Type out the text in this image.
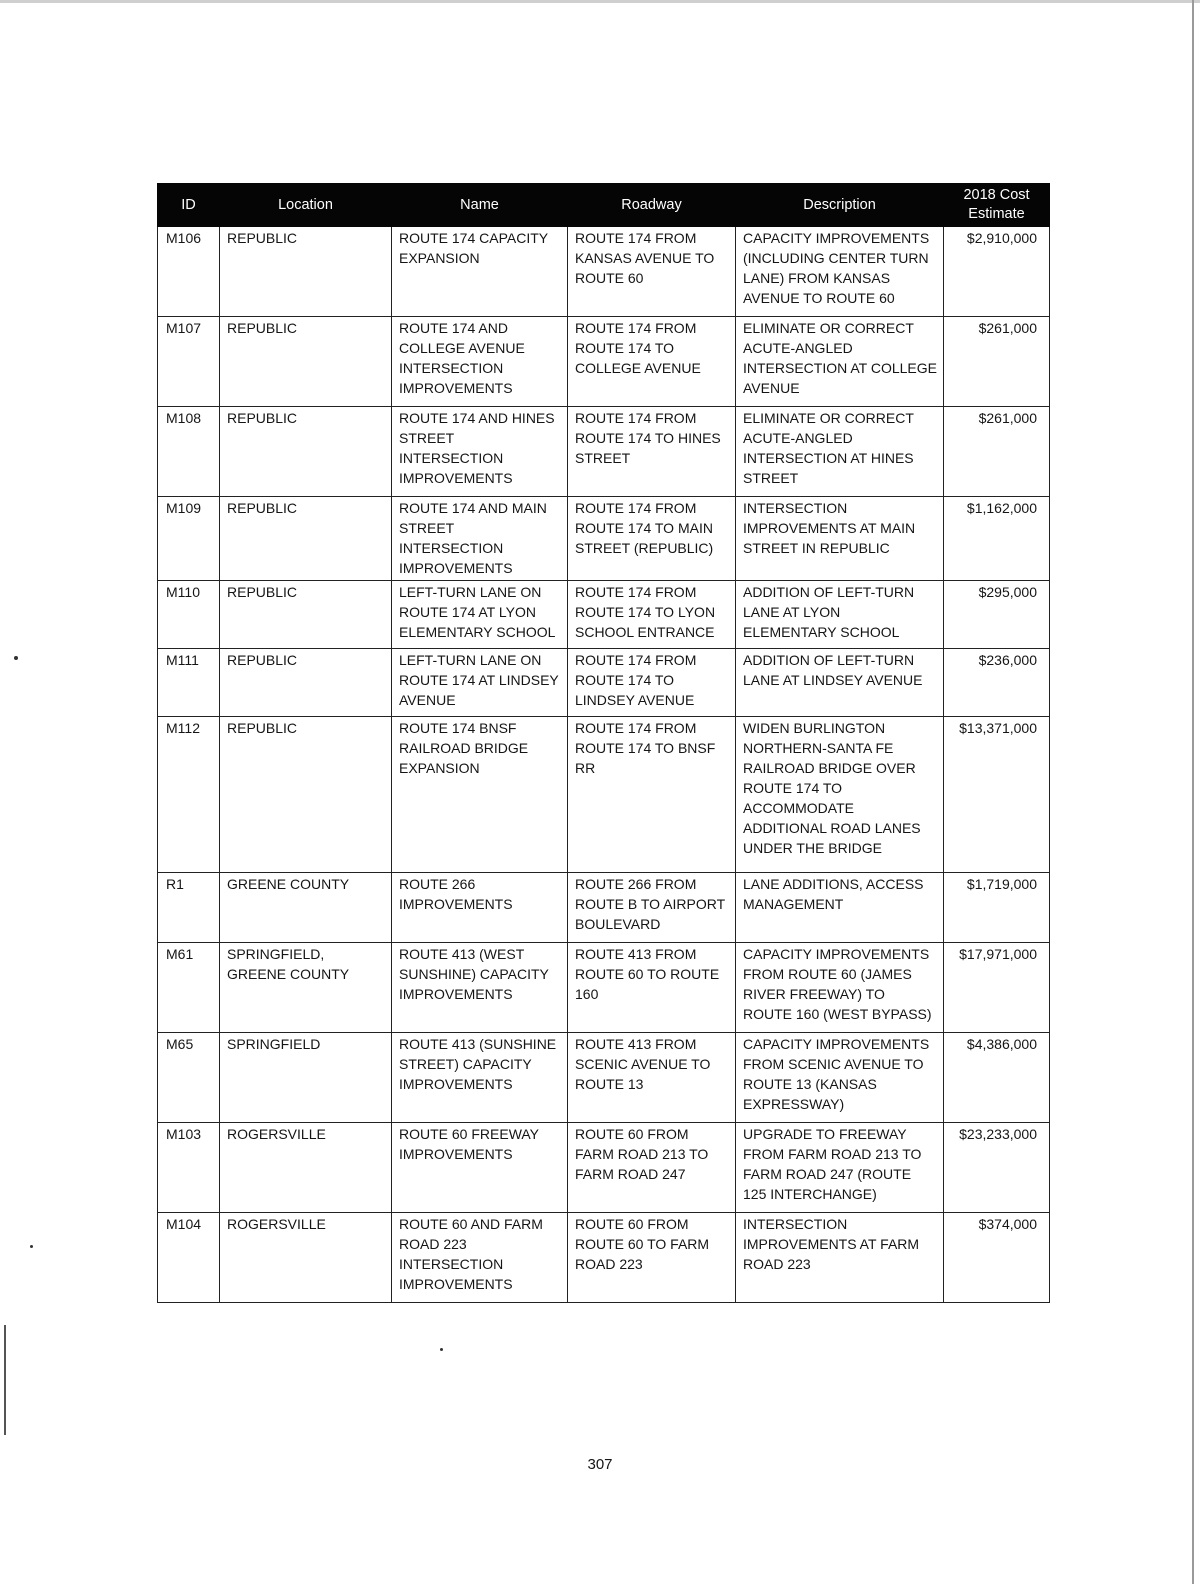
ID	Location	Name	Roadway	Description	2018 Cost
Estimate
M106	REPUBLIC	ROUTE 174 CAPACITY EXPANSION	ROUTE 174 FROM KANSAS AVENUE TO ROUTE 60	CAPACITY IMPROVEMENTS (INCLUDING CENTER TURN LANE) FROM KANSAS AVENUE TO ROUTE 60	$2,910,000
M107	REPUBLIC	ROUTE 174 AND COLLEGE AVENUE INTERSECTION IMPROVEMENTS	ROUTE 174 FROM ROUTE 174 TO COLLEGE AVENUE	ELIMINATE OR CORRECT ACUTE-ANGLED INTERSECTION AT COLLEGE AVENUE	$261,000
M108	REPUBLIC	ROUTE 174 AND HINES STREET INTERSECTION IMPROVEMENTS	ROUTE 174 FROM ROUTE 174 TO HINES STREET	ELIMINATE OR CORRECT ACUTE-ANGLED INTERSECTION AT HINES STREET	$261,000
M109	REPUBLIC	ROUTE 174 AND MAIN STREET INTERSECTION IMPROVEMENTS	ROUTE 174 FROM ROUTE 174 TO MAIN STREET (REPUBLIC)	INTERSECTION IMPROVEMENTS AT MAIN STREET IN REPUBLIC	$1,162,000
M110	REPUBLIC	LEFT-TURN LANE ON ROUTE 174 AT LYON ELEMENTARY SCHOOL	ROUTE 174 FROM ROUTE 174 TO LYON SCHOOL ENTRANCE	ADDITION OF LEFT-TURN LANE AT LYON ELEMENTARY SCHOOL	$295,000
M111	REPUBLIC	LEFT-TURN LANE ON ROUTE 174 AT LINDSEY AVENUE	ROUTE 174 FROM ROUTE 174 TO LINDSEY AVENUE	ADDITION OF LEFT-TURN LANE AT LINDSEY AVENUE	$236,000
M112	REPUBLIC	ROUTE 174 BNSF RAILROAD BRIDGE EXPANSION	ROUTE 174 FROM ROUTE 174 TO BNSF RR	WIDEN BURLINGTON NORTHERN-SANTA FE RAILROAD BRIDGE OVER ROUTE 174 TO ACCOMMODATE ADDITIONAL ROAD LANES UNDER THE BRIDGE	$13,371,000
R1	GREENE COUNTY	ROUTE 266 IMPROVEMENTS	ROUTE 266 FROM ROUTE B TO AIRPORT BOULEVARD	LANE ADDITIONS, ACCESS MANAGEMENT	$1,719,000
M61	SPRINGFIELD, GREENE COUNTY	ROUTE 413 (WEST SUNSHINE) CAPACITY IMPROVEMENTS	ROUTE 413 FROM ROUTE 60 TO ROUTE 160	CAPACITY IMPROVEMENTS FROM ROUTE 60 (JAMES RIVER FREEWAY) TO ROUTE 160 (WEST BYPASS)	$17,971,000
M65	SPRINGFIELD	ROUTE 413 (SUNSHINE STREET) CAPACITY IMPROVEMENTS	ROUTE 413 FROM SCENIC AVENUE TO ROUTE 13	CAPACITY IMPROVEMENTS FROM SCENIC AVENUE TO ROUTE 13 (KANSAS EXPRESSWAY)	$4,386,000
M103	ROGERSVILLE	ROUTE 60 FREEWAY IMPROVEMENTS	ROUTE 60 FROM FARM ROAD 213 TO FARM ROAD 247	UPGRADE TO FREEWAY FROM FARM ROAD 213 TO FARM ROAD 247 (ROUTE 125 INTERCHANGE)	$23,233,000
M104	ROGERSVILLE	ROUTE 60 AND FARM ROAD 223 INTERSECTION IMPROVEMENTS	ROUTE 60 FROM ROUTE 60 TO FARM ROAD 223	INTERSECTION IMPROVEMENTS AT FARM ROAD 223	$374,000
307
